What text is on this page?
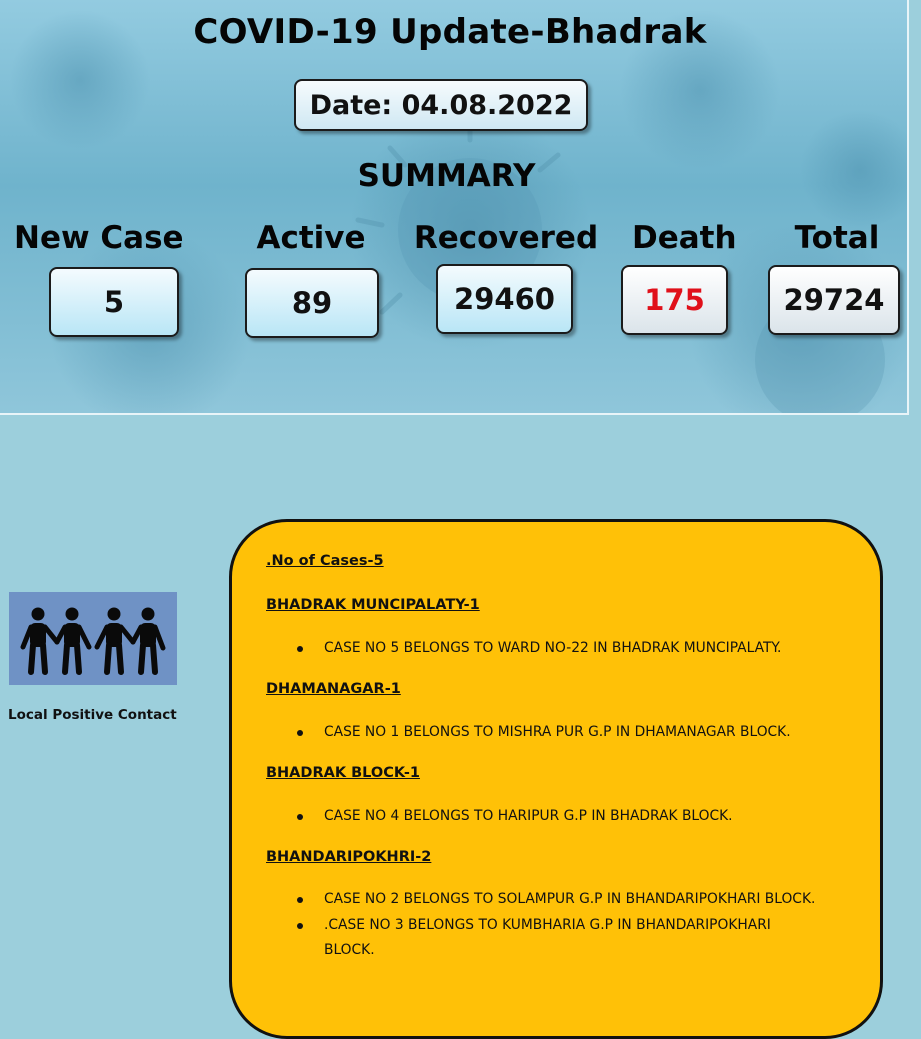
COVID-19 Update-Bhadrak
Date: 04.08.2022
SUMMARY
New Case	Active	Recovered Death Total
5	89	29460	175	29724
Local Positive Contact
.No of Cases-5
BHADRAK MUNCIPALATY-1
CASE NO 5 BELONGS TO WARD NO-22 IN BHADRAK MUNCIPALATY.
DHAMANAGAR-1
CASE NO 1 BELONGS TO MISHRA PUR G.P IN DHAMANAGAR BLOCK.
BHADRAK BLOCK-1
CASE NO 4 BELONGS TO HARIPUR G.P IN BHADRAK BLOCK.
BHANDARIPOKHRI-2
CASE NO 2 BELONGS TO SOLAMPUR G.P IN BHANDARIPOKHARI BLOCK.
.CASE NO 3 BELONGS TO KUMBHARIA G.P IN BHANDARIPOKHARI
BLOCK.
